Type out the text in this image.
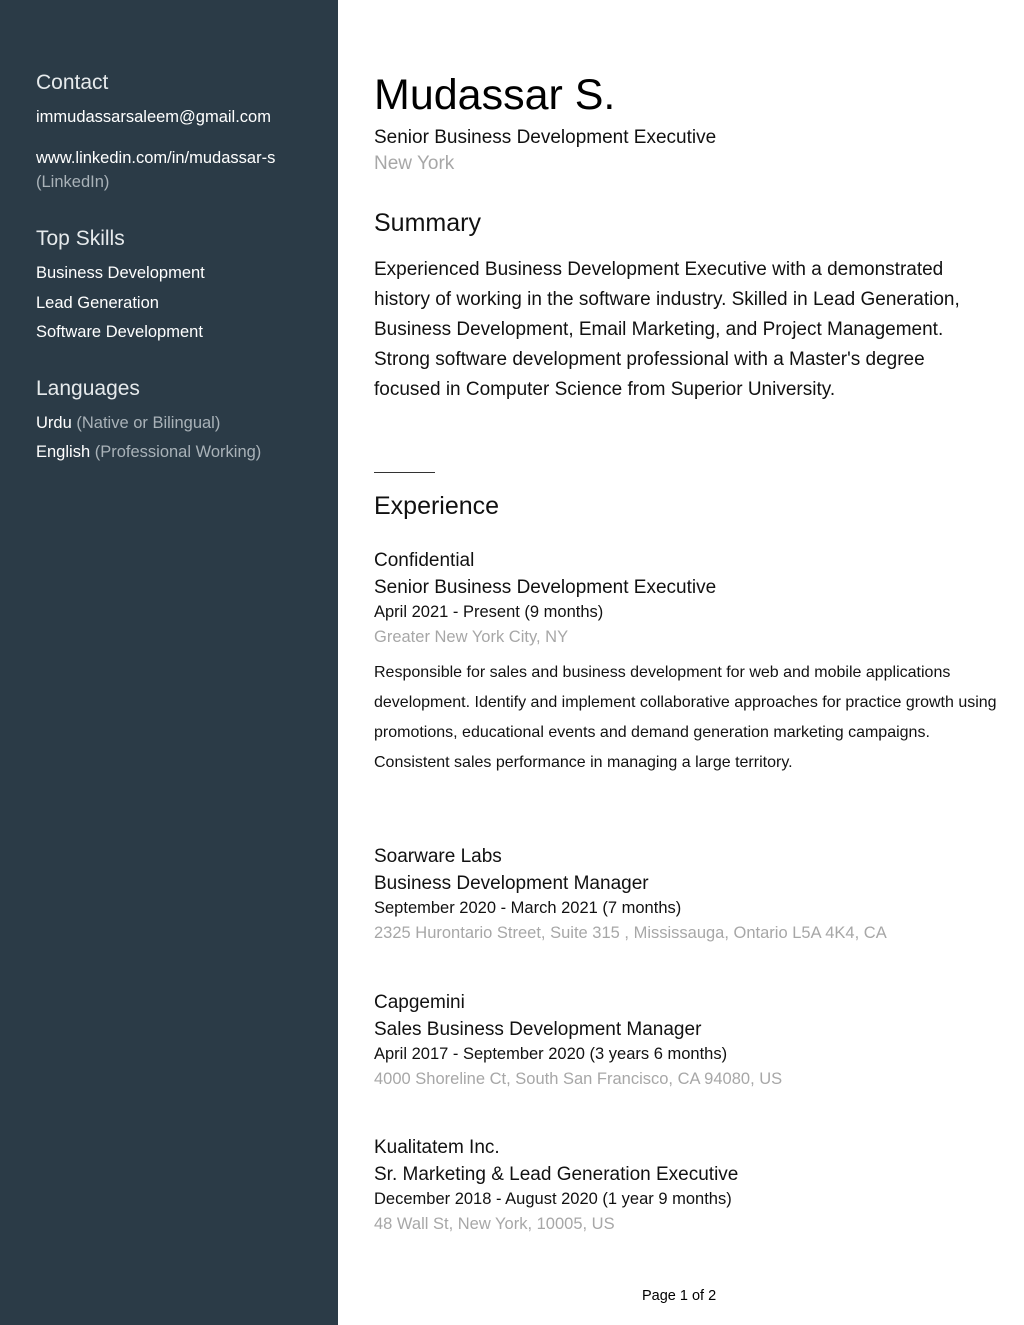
Contact
immudassarsaleem@gmail.com
www.linkedin.com/in/mudassar-s
(LinkedIn)
Top Skills
Business Development
Lead Generation
Software Development
Languages
Urdu (Native or Bilingual)
English (Professional Working)
Mudassar S.
Senior Business Development Executive
New York
Summary
Experienced Business Development Executive with a demonstrated history of working in the software industry. Skilled in Lead Generation, Business Development, Email Marketing, and Project Management. Strong software development professional with a Master's degree focused in Computer Science from Superior University.
Experience
Confidential
Senior Business Development Executive
April 2021 - Present (9 months)
Greater New York City, NY
Responsible for sales and business development for web and mobile applications development. Identify and implement collaborative approaches for practice growth using promotions, educational events and demand generation marketing campaigns. Consistent sales performance in managing a large territory.
Soarware Labs
Business Development Manager
September 2020 - March 2021 (7 months)
2325 Hurontario Street, Suite 315 , Mississauga, Ontario L5A 4K4, CA
Capgemini
Sales Business Development Manager
April 2017 - September 2020 (3 years 6 months)
4000 Shoreline Ct, South San Francisco, CA 94080, US
Kualitatem Inc.
Sr. Marketing & Lead Generation Executive
December 2018 - August 2020 (1 year 9 months)
48 Wall St, New York, 10005, US
Page 1 of 2
